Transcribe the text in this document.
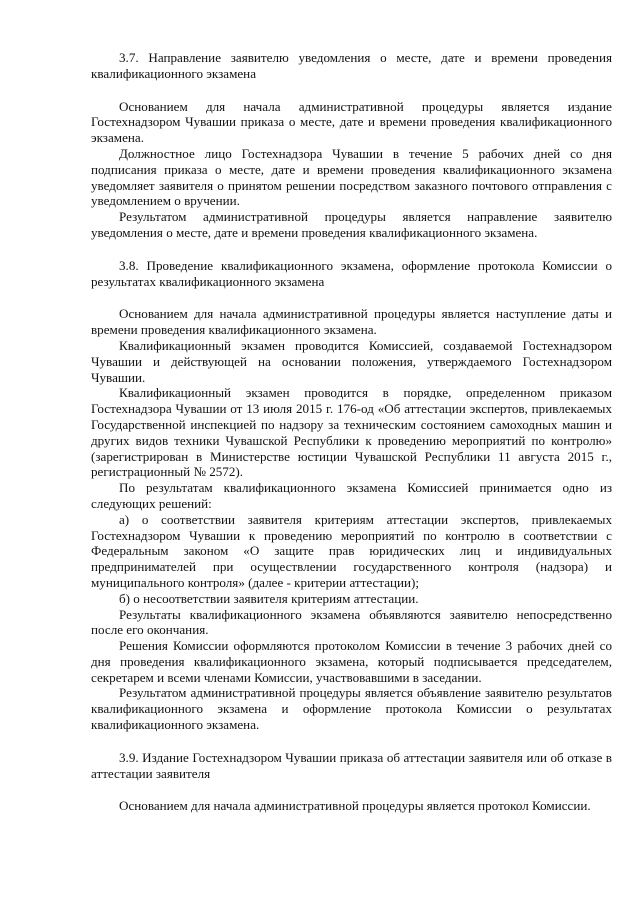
3.7. Направление заявителю уведомления о месте, дате и времени проведения квалификационного экзамена

Основанием для начала административной процедуры является издание Гостехнадзором Чувашии приказа о месте, дате и времени проведения квалификационного экзамена.

Должностное лицо Гостехнадзора Чувашии в течение 5 рабочих дней со дня подписания приказа о месте, дате и времени проведения квалификационного экзамена уведомляет заявителя о принятом решении посредством заказного почтового отправления с уведомлением о вручении.

Результатом административной процедуры является направление заявителю уведомления о месте, дате и времени проведения квалификационного экзамена.

3.8. Проведение квалификационного экзамена, оформление протокола Комиссии о результатах квалификационного экзамена

Основанием для начала административной процедуры является наступление даты и времени проведения квалификационного экзамена.

Квалификационный экзамен проводится Комиссией, создаваемой Гостехнадзором Чувашии и действующей на основании положения, утверждаемого Гостехнадзором Чувашии.

Квалификационный экзамен проводится в порядке, определенном приказом Гостехнадзора Чувашии от 13 июля 2015 г. 176-од «Об аттестации экспертов, привлекаемых Государственной инспекцией по надзору за техническим состоянием самоходных машин и других видов техники Чувашской Республики к проведению мероприятий по контролю» (зарегистрирован в Министерстве юстиции Чувашской Республики 11 августа 2015 г., регистрационный № 2572).

По результатам квалификационного экзамена Комиссией принимается одно из следующих решений:

а) о соответствии заявителя критериям аттестации экспертов, привлекаемых Гостехнадзором Чувашии к проведению мероприятий по контролю в соответствии с Федеральным законом «О защите прав юридических лиц и индивидуальных предпринимателей при осуществлении государственного контроля (надзора) и муниципального контроля» (далее - критерии аттестации);

б) о несоответствии заявителя критериям аттестации.

Результаты квалификационного экзамена объявляются заявителю непосредственно после его окончания.

Решения Комиссии оформляются протоколом Комиссии в течение 3 рабочих дней со дня проведения квалификационного экзамена, который подписывается председателем, секретарем и всеми членами Комиссии, участвовавшими в заседании.

Результатом административной процедуры является объявление заявителю результатов квалификационного экзамена и оформление протокола Комиссии о результатах квалификационного экзамена.

3.9. Издание Гостехнадзором Чувашии приказа об аттестации заявителя или об отказе в аттестации заявителя

Основанием для начала административной процедуры является протокол Комиссии.
